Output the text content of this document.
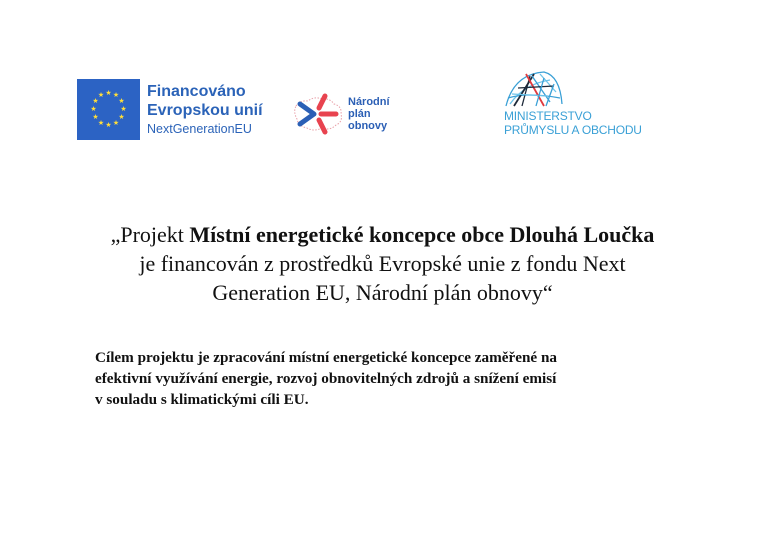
★ ★
★
★
★
★
★
★
★
★
★
★	Financováno
Evropskou unií
NextGenerationEU
Národní
plán
obnovy
MINISTERSTVO
PRŮMYSLU A OBCHODU
„Projekt Místní energetické koncepce obce Dlouhá Loučka
je financován z prostředků Evropské unie z fondu Next
Generation EU, Národní plán obnovy“
Cílem projektu je zpracování místní energetické koncepce zaměřené na
efektivní využívání energie, rozvoj obnovitelných zdrojů a snížení emisí
v souladu s klimatickými cíli EU.
